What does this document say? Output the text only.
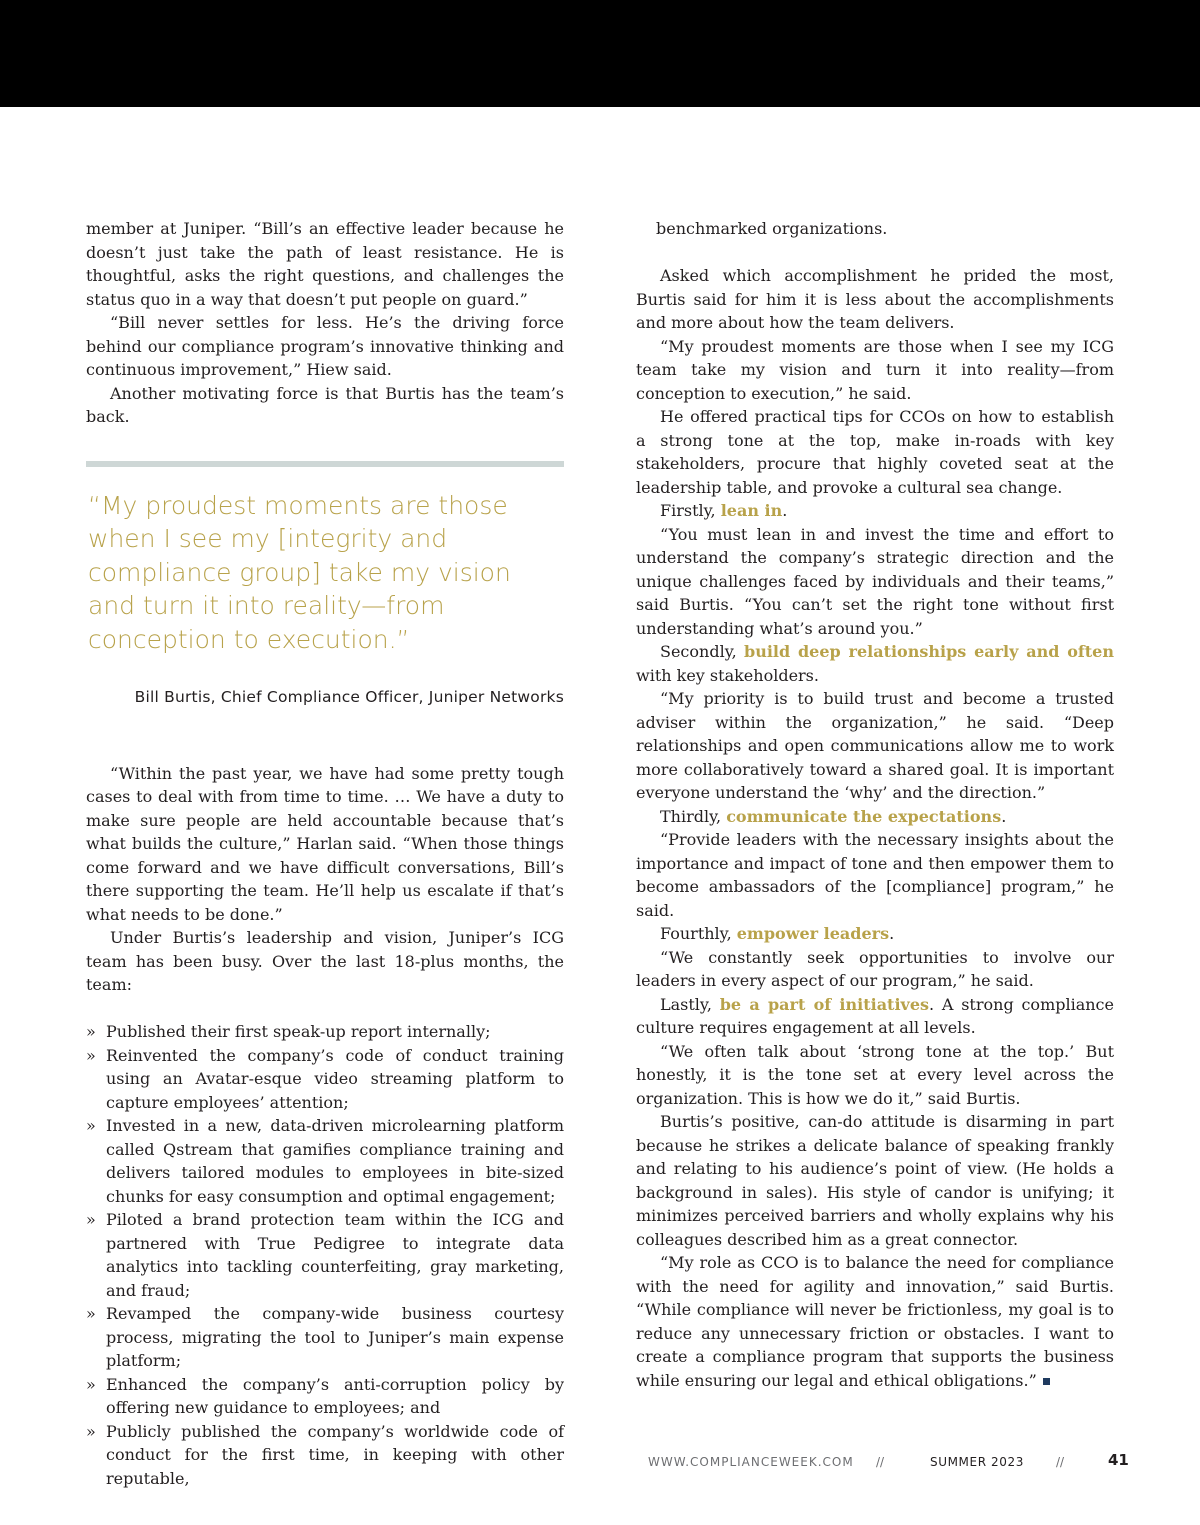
member at Juniper. “Bill’s an effective leader because he doesn’t just take the path of least resistance. He is thoughtful, asks the right questions, and challenges the status quo in a way that doesn’t put people on guard.”

“Bill never settles for less. He’s the driving force behind our compliance program’s innovative thinking and continuous improvement,” Hiew said.

Another motivating force is that Burtis has the team’s back.

“My proudest moments are those when I see my [integrity and compliance group] take my vision and turn it into reality—from conception to execution.”
Bill Burtis, Chief Compliance Officer, Juniper Networks

“Within the past year, we have had some pretty tough cases to deal with from time to time. … We have a duty to make sure people are held accountable because that’s what builds the culture,” Harlan said. “When those things come forward and we have difficult conversations, Bill’s there supporting the team. He’ll help us escalate if that’s what needs to be done.”

Under Burtis’s leadership and vision, Juniper’s ICG team has been busy. Over the last 18-plus months, the team:

» Published their first speak-up report internally;
» Reinvented the company’s code of conduct training using an Avatar-esque video streaming platform to capture employees’ attention;
» Invested in a new, data-driven microlearning platform called Qstream that gamifies compliance training and delivers tailored modules to employees in bite-sized chunks for easy consumption and optimal engagement;
» Piloted a brand protection team within the ICG and partnered with True Pedigree to integrate data analytics into tackling counterfeiting, gray marketing, and fraud;
» Revamped the company-wide business courtesy process, migrating the tool to Juniper’s main expense platform;
» Enhanced the company’s anti-corruption policy by offering new guidance to employees; and
» Publicly published the company’s worldwide code of conduct for the first time, in keeping with other reputable,

benchmarked organizations.

Asked which accomplishment he prided the most, Burtis said for him it is less about the accomplishments and more about how the team delivers.

“My proudest moments are those when I see my ICG team take my vision and turn it into reality—from conception to execution,” he said.

He offered practical tips for CCOs on how to establish a strong tone at the top, make in-roads with key stakeholders, procure that highly coveted seat at the leadership table, and provoke a cultural sea change.

Firstly, lean in.

“You must lean in and invest the time and effort to understand the company’s strategic direction and the unique challenges faced by individuals and their teams,” said Burtis. “You can’t set the right tone without first understanding what’s around you.”

Secondly, build deep relationships early and often with key stakeholders.

“My priority is to build trust and become a trusted adviser within the organization,” he said. “Deep relationships and open communications allow me to work more collaboratively toward a shared goal. It is important everyone understand the ‘why’ and the direction.”

Thirdly, communicate the expectations.

“Provide leaders with the necessary insights about the importance and impact of tone and then empower them to become ambassadors of the [compliance] program,” he said.

Fourthly, empower leaders.

“We constantly seek opportunities to involve our leaders in every aspect of our program,” he said.

Lastly, be a part of initiatives. A strong compliance culture requires engagement at all levels.

“We often talk about ‘strong tone at the top.’ But honestly, it is the tone set at every level across the organization. This is how we do it,” said Burtis.

Burtis’s positive, can-do attitude is disarming in part because he strikes a delicate balance of speaking frankly and relating to his audience’s point of view. (He holds a background in sales). His style of candor is unifying; it minimizes perceived barriers and wholly explains why his colleagues described him as a great connector.

“My role as CCO is to balance the need for compliance with the need for agility and innovation,” said Burtis. “While compliance will never be frictionless, my goal is to reduce any unnecessary friction or obstacles. I want to create a compliance program that supports the business while ensuring our legal and ethical obligations.”

WWW.COMPLIANCEWEEK.COM //	SUMMER 2023	//	41
